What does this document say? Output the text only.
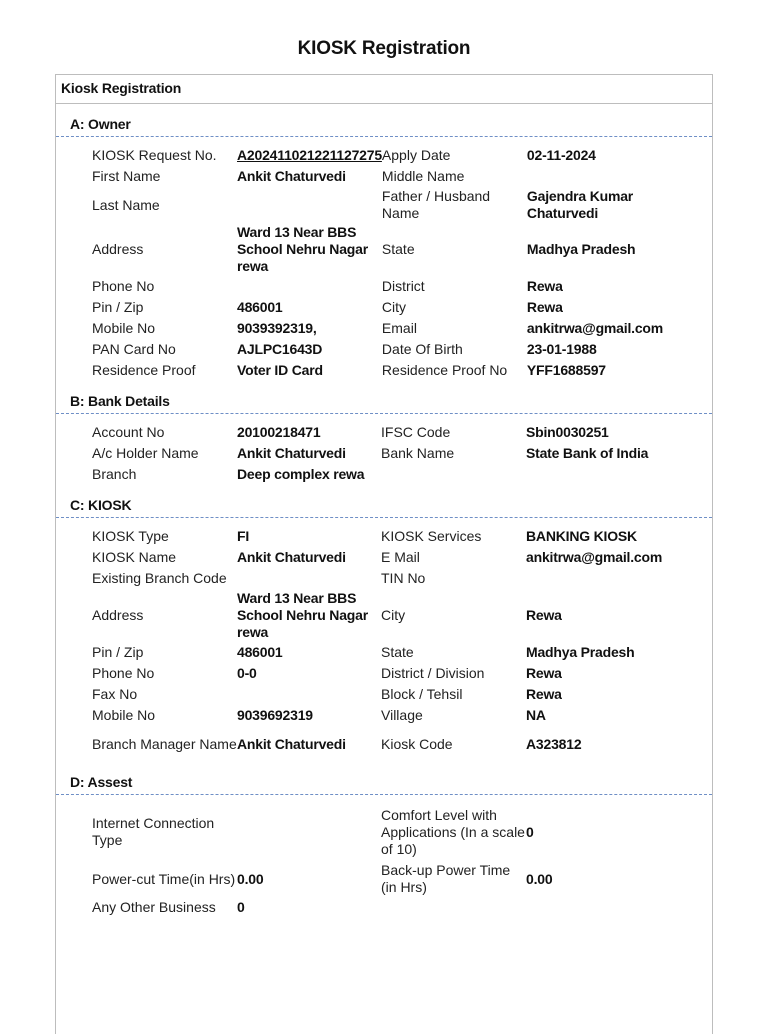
KIOSK Registration
Kiosk Registration
A: Owner
KIOSK Request No.	A202411021221127275	Apply Date	02-11-2024
First Name	Ankit Chaturvedi	Middle Name	
Last Name		Father / Husband Name	Gajendra Kumar Chaturvedi
Address	Ward 13 Near BBS School Nehru Nagar rewa	State	Madhya Pradesh
Phone No		District	Rewa
Pin / Zip	486001	City	Rewa
Mobile No	9039392319,	Email	ankitrwa@gmail.com
PAN Card No	AJLPC1643D	Date Of Birth	23-01-1988
Residence Proof	Voter ID Card	Residence Proof No	YFF1688597
B: Bank Details
Account No	20100218471	IFSC Code	Sbin0030251
A/c Holder Name	Ankit Chaturvedi	Bank Name	State Bank of India
Branch	Deep complex rewa		
C: KIOSK
KIOSK Type	FI	KIOSK Services	BANKING KIOSK
KIOSK Name	Ankit Chaturvedi	E Mail	ankitrwa@gmail.com
Existing Branch Code		TIN No	
Address	Ward 13 Near BBS School Nehru Nagar rewa	City	Rewa
Pin / Zip	486001	State	Madhya Pradesh
Phone No	0-0	District / Division	Rewa
Fax No		Block / Tehsil	Rewa
Mobile No	9039692319	Village	NA
Branch Manager Name	Ankit Chaturvedi	Kiosk Code	A323812
D: Assest
Internet Connection Type		Comfort Level with Applications (In a scale of 10)	0
Power-cut Time(in Hrs)	0.00	Back-up Power Time (in Hrs)	0.00
Any Other Business	0		
